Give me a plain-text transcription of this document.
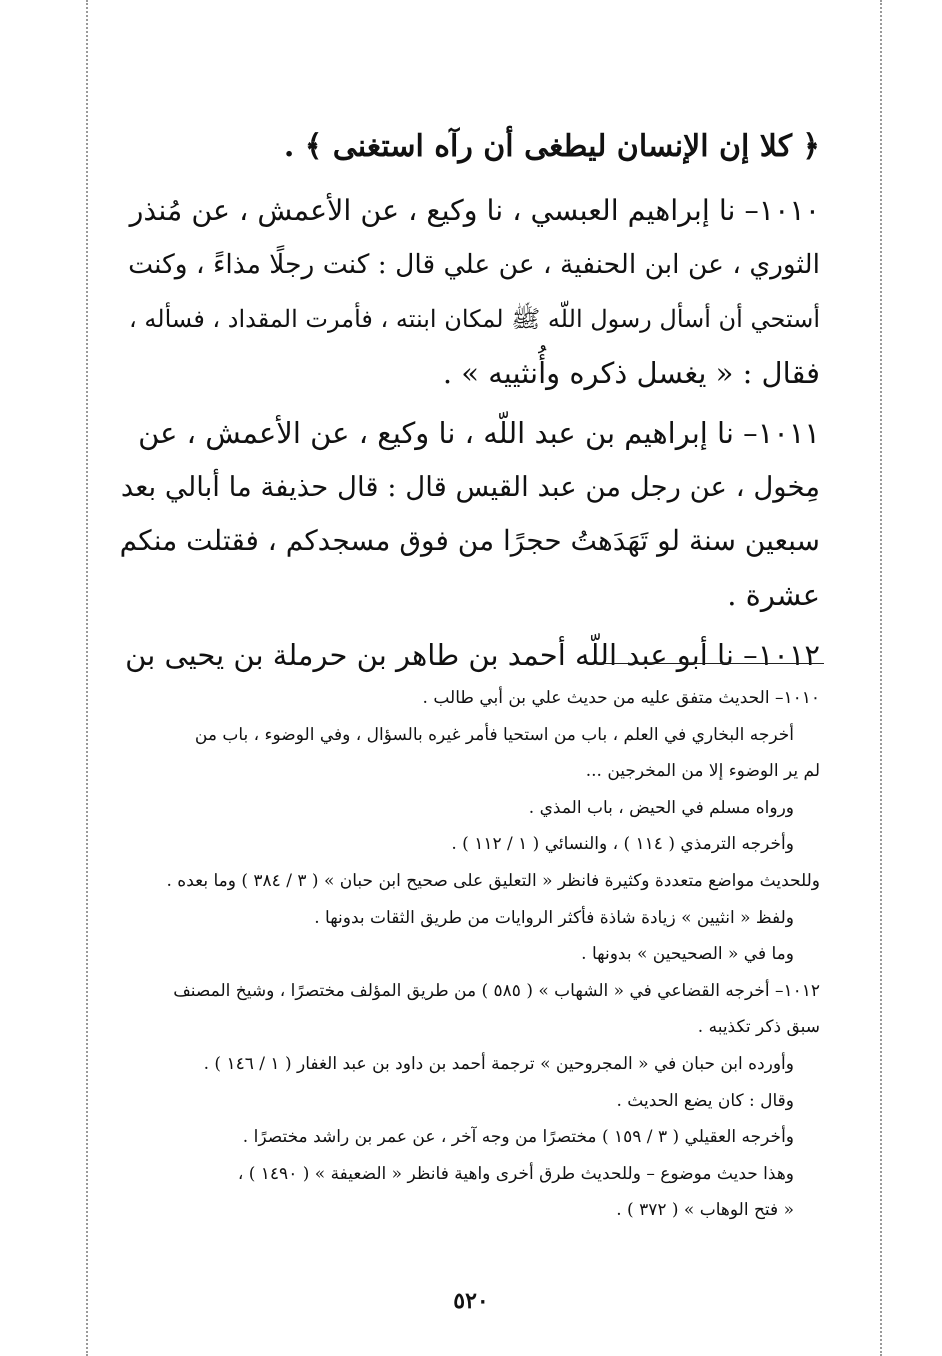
﴿ كلا إن الإنسان ليطغى أن رآه استغنى ﴾ .

١٠١٠– نا إبراهيم العبسي ، نا وكيع ، عن الأعمش ، عن مُنذر

الثوري ، عن ابن الحنفية ، عن علي قال : كنت رجلًا مذاءً ، وكنت

أستحي أن أسأل رسول اللّه ﷺ لمكان ابنته ، فأمرت المقداد ، فسأله ،

فقال : « يغسل ذكره وأُنثييه » .

١٠١١– نا إبراهيم بن عبد اللّه ، نا وكيع ، عن الأعمش ، عن

مِخول ، عن رجل من عبد القيس قال : قال حذيفة ما أبالي بعد

سبعين سنة لو تَهَدَهتُ حجرًا من فوق مسجدكم ، فقتلت منكم

عشرة .

١٠١٢– نا أبو عبد اللّه أحمد بن طاهر بن حرملة بن يحيى بن

١٠١٠– الحديث متفق عليه من حديث علي بن أبي طالب .

أخرجه البخاري في العلم ، باب من استحيا فأمر غيره بالسؤال ، وفي الوضوء ، باب من

لم ير الوضوء إلا من المخرجين ...

ورواه مسلم في الحيض ، باب المذي .

وأخرجه الترمذي ( ١١٤ ) ، والنسائي ( ١ / ١١٢ ) .

وللحديث مواضع متعددة وكثيرة فانظر « التعليق على صحيح ابن حبان » ( ٣ / ٣٨٤ ) وما بعده .

ولفظ « انثيين » زيادة شاذة فأكثر الروايات من طريق الثقات بدونها .

وما في « الصحيحين » بدونها .

١٠١٢– أخرجه القضاعي في « الشهاب » ( ٥٨٥ ) من طريق المؤلف مختصرًا ، وشيخ المصنف

سبق ذكر تكذيبه .

وأورده ابن حبان في « المجروحين » ترجمة أحمد بن داود بن عبد الغفار ( ١ / ١٤٦ ) .

وقال : كان يضع الحديث .

وأخرجه العقيلي ( ٣ / ١٥٩ ) مختصرًا من وجه آخر ، عن عمر بن راشد مختصرًا .

وهذا حديث موضوع – وللحديث طرق أخرى واهية فانظر « الضعيفة » ( ١٤٩٠ ) ،

« فتح الوهاب » ( ٣٧٢ ) .

٥٢٠
